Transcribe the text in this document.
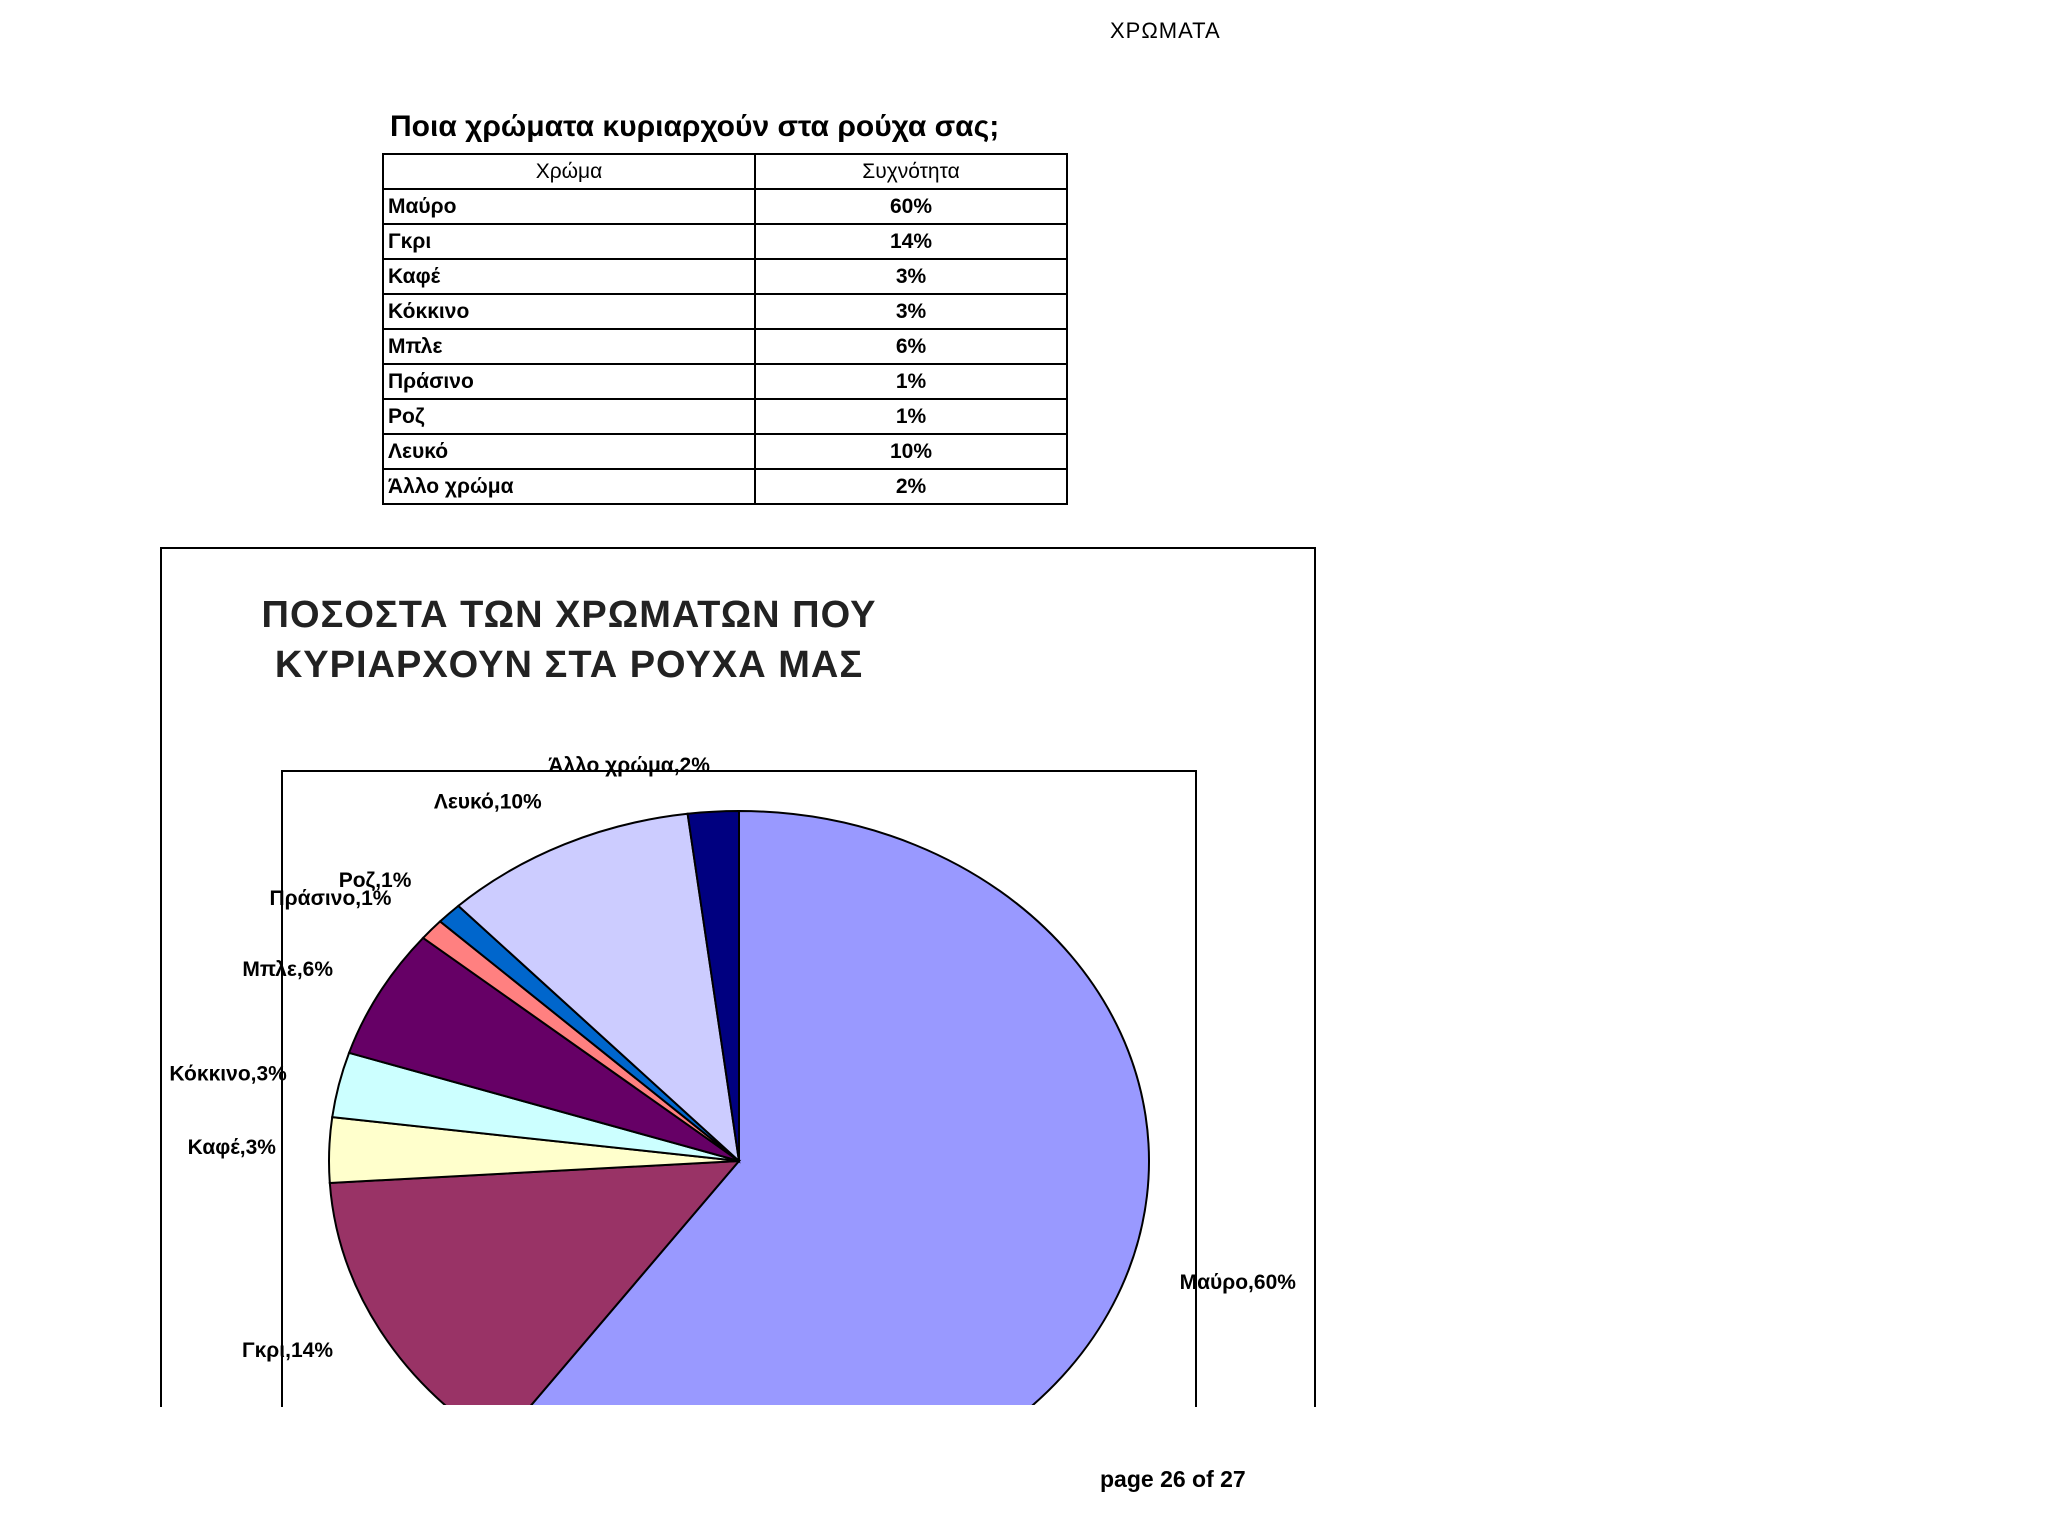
ΧΡΩΜΑΤΑ
Ποια χρώματα κυριαρχούν στα ρούχα σας;
Χρώμα	Συχνότητα
Μαύρο	60%
Γκρι	14%
Καφέ	3%
Κόκκινο	3%
Μπλε	6%
Πράσινο	1%
Ροζ	1%
Λευκό	10%
Άλλο χρώμα	2%
ΠΟΣΟΣΤΑ ΤΩΝ ΧΡΩΜΑΤΩΝ ΠΟΥ
ΚΥΡΙΑΡΧΟΥΝ ΣΤΑ ΡΟΥΧΑ ΜΑΣ
Μαύρο,60%
Γκρι,14%
Καφέ,3%
Κόκκινο,3%
Μπλε,6%
Πράσινο,1%
Ροζ,1%
Λευκό,10%
Άλλο χρώμα,2%
page 26 of 27
